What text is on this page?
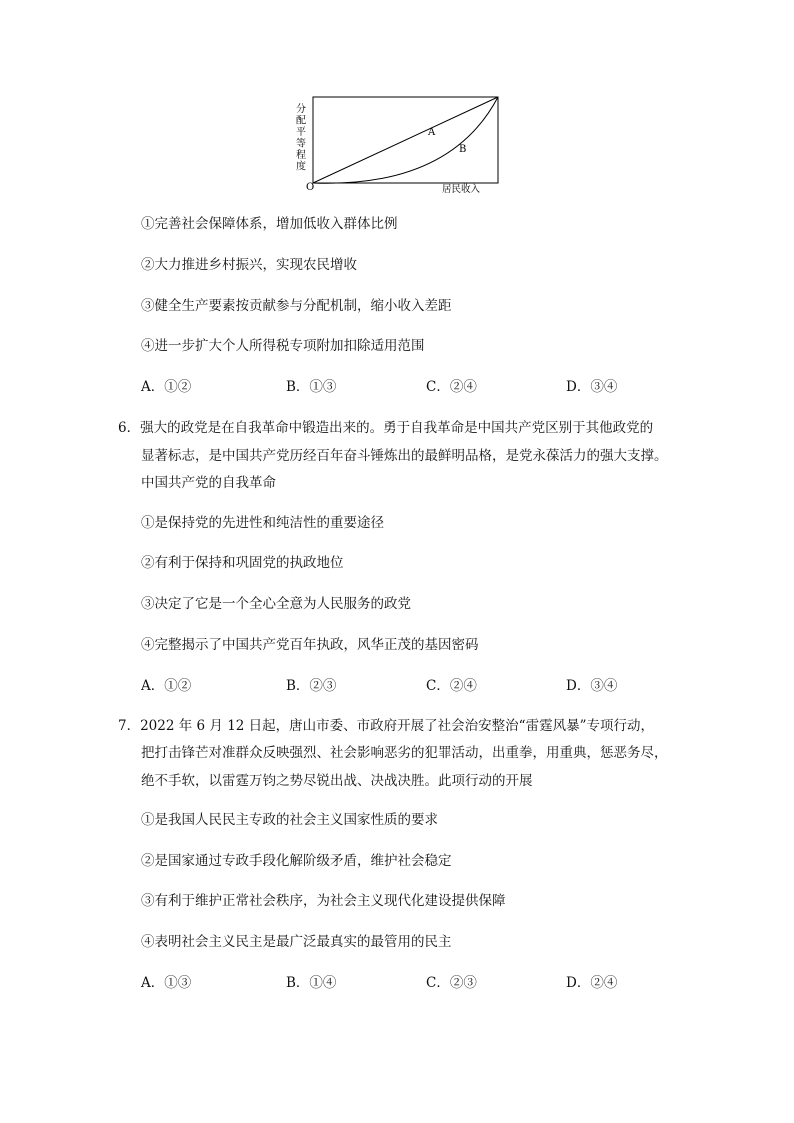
分配平等程度
O	居民收入
A
B
①完善社会保障体系，增加低收入群体比例
②大力推进乡村振兴，实现农民增收
③健全生产要素按贡献参与分配机制，缩小收入差距
④进一步扩大个人所得税专项附加扣除适用范围
A．①②	B．①③	C．②④	D．③④
6．强大的政党是在自我革命中锻造出来的。勇于自我革命是中国共产党区别于其他政党的
显著标志，是中国共产党历经百年奋斗锤炼出的最鲜明品格，是党永葆活力的强大支撑。
中国共产党的自我革命
①是保持党的先进性和纯洁性的重要途径
②有利于保持和巩固党的执政地位
③决定了它是一个全心全意为人民服务的政党
④完整揭示了中国共产党百年执政，风华正茂的基因密码
A．①②	B．②③	C．②④	D．③④
7．2022 年 6 月 12 日起，唐山市委、市政府开展了社会治安整治“雷霆风暴”专项行动，
把打击锋芒对准群众反映强烈、社会影响恶劣的犯罪活动，出重拳，用重典，惩恶务尽，
绝不手软，以雷霆万钧之势尽锐出战、决战决胜。此项行动的开展
①是我国人民民主专政的社会主义国家性质的要求
②是国家通过专政手段化解阶级矛盾，维护社会稳定
③有利于维护正常社会秩序，为社会主义现代化建设提供保障
④表明社会主义民主是最广泛最真实的最管用的民主
A．①③	B．①④	C．②③	D．②④
